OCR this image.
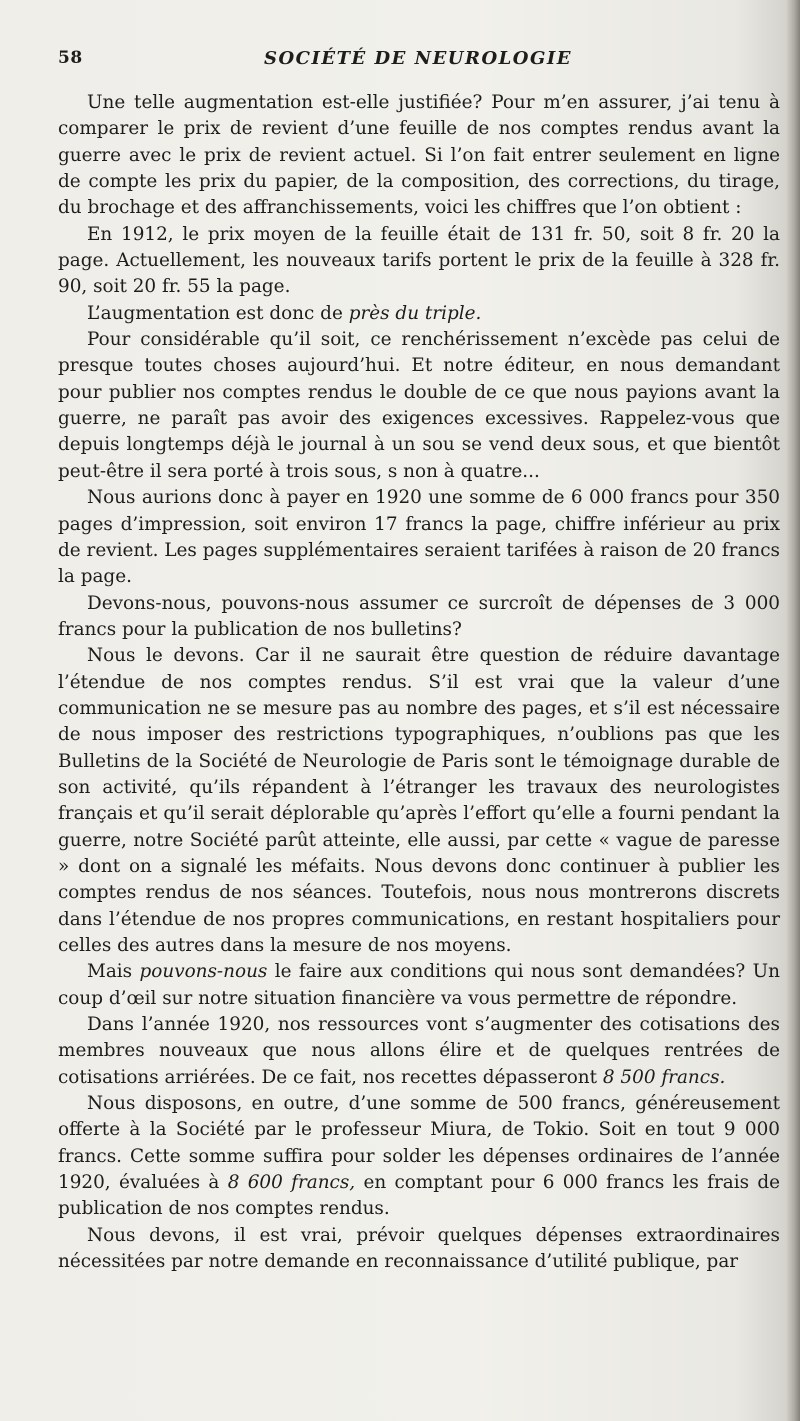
58	SOCIÉTÉ DE NEUROLOGIE

Une telle augmentation est-elle justifiée? Pour m’en assurer, j’ai tenu à comparer le prix de revient d’une feuille de nos comptes rendus avant la guerre avec le prix de revient actuel. Si l’on fait entrer seulement en ligne de compte les prix du papier, de la composition, des corrections, du tirage, du brochage et des affranchissements, voici les chiffres que l’on obtient :

En 1912, le prix moyen de la feuille était de 131 fr. 50, soit 8 fr. 20 la page. Actuellement, les nouveaux tarifs portent le prix de la feuille à 328 fr. 90, soit 20 fr. 55 la page.

L’augmentation est donc de près du triple.

Pour considérable qu’il soit, ce renchérissement n’excède pas celui de presque toutes choses aujourd’hui. Et notre éditeur, en nous demandant pour publier nos comptes rendus le double de ce que nous payions avant la guerre, ne paraît pas avoir des exigences excessives. Rappelez-vous que depuis longtemps déjà le journal à un sou se vend deux sous, et que bientôt peut-être il sera porté à trois sous, s non à quatre...

Nous aurions donc à payer en 1920 une somme de 6 000 francs pour 350 pages d’impression, soit environ 17 francs la page, chiffre inférieur au prix de revient. Les pages supplémentaires seraient tarifées à raison de 20 francs la page.

Devons-nous, pouvons-nous assumer ce surcroît de dépenses de 3 000 francs pour la publication de nos bulletins?

Nous le devons. Car il ne saurait être question de réduire davantage l’étendue de nos comptes rendus. S’il est vrai que la valeur d’une communication ne se mesure pas au nombre des pages, et s’il est nécessaire de nous imposer des restrictions typographiques, n’oublions pas que les Bulletins de la Société de Neurologie de Paris sont le témoignage durable de son activité, qu’ils répandent à l’étranger les travaux des neurologistes français et qu’il serait déplorable qu’après l’effort qu’elle a fourni pendant la guerre, notre Société parût atteinte, elle aussi, par cette « vague de paresse » dont on a signalé les méfaits. Nous devons donc continuer à publier les comptes rendus de nos séances. Toutefois, nous nous montrerons discrets dans l’étendue de nos propres communications, en restant hospitaliers pour celles des autres dans la mesure de nos moyens.

Mais pouvons-nous le faire aux conditions qui nous sont demandées? Un coup d’œil sur notre situation financière va vous permettre de répondre.

Dans l’année 1920, nos ressources vont s’augmenter des cotisations des membres nouveaux que nous allons élire et de quelques rentrées de cotisations arriérées. De ce fait, nos recettes dépasseront 8 500 francs.

Nous disposons, en outre, d’une somme de 500 francs, généreusement offerte à la Société par le professeur Miura, de Tokio. Soit en tout 9 000 francs. Cette somme suffira pour solder les dépenses ordinaires de l’année 1920, évaluées à 8 600 francs, en comptant pour 6 000 francs les frais de publication de nos comptes rendus.

Nous devons, il est vrai, prévoir quelques dépenses extraordinaires nécessitées par notre demande en reconnaissance d’utilité publique, par
